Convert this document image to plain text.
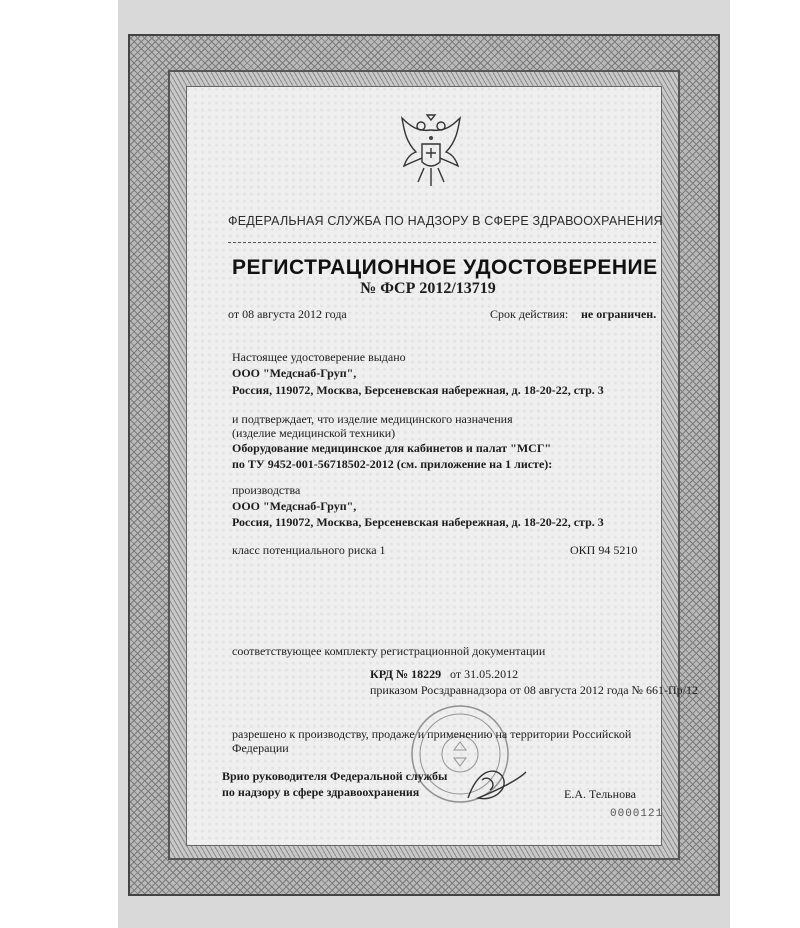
ФЕДЕРАЛЬНАЯ СЛУЖБА ПО НАДЗОРУ В СФЕРЕ ЗДРАВООХРАНЕНИЯ
РЕГИСТРАЦИОННОЕ УДОСТОВЕРЕНИЕ
№ ФСР 2012/13719
от 08 августа 2012 года	Срок действия: не ограничен.
Настоящее удостоверение выдано
ООО "Медснаб-Груп",
Россия, 119072, Москва, Берсеневская набережная, д. 18-20-22, стр. 3
и подтверждает, что изделие медицинского назначения
(изделие медицинской техники)
Оборудование медицинское для кабинетов и палат "МСГ"
по ТУ 9452-001-56718502-2012 (см. приложение на 1 листе):
производства
ООО "Медснаб-Груп",
Россия, 119072, Москва, Берсеневская набережная, д. 18-20-22, стр. 3
класс потенциального риска 1	ОКП 94 5210
соответствующее комплекту регистрационной документации
КРД № 18229 от 31.05.2012
приказом Росздравнадзора от 08 августа 2012 года № 661-Пр/12
разрешено к производству, продаже и применению на территории Российской
Федерации
Врио руководителя Федеральной службы
по надзору в сфере здравоохранения	Е.А. Тельнова
0000121
